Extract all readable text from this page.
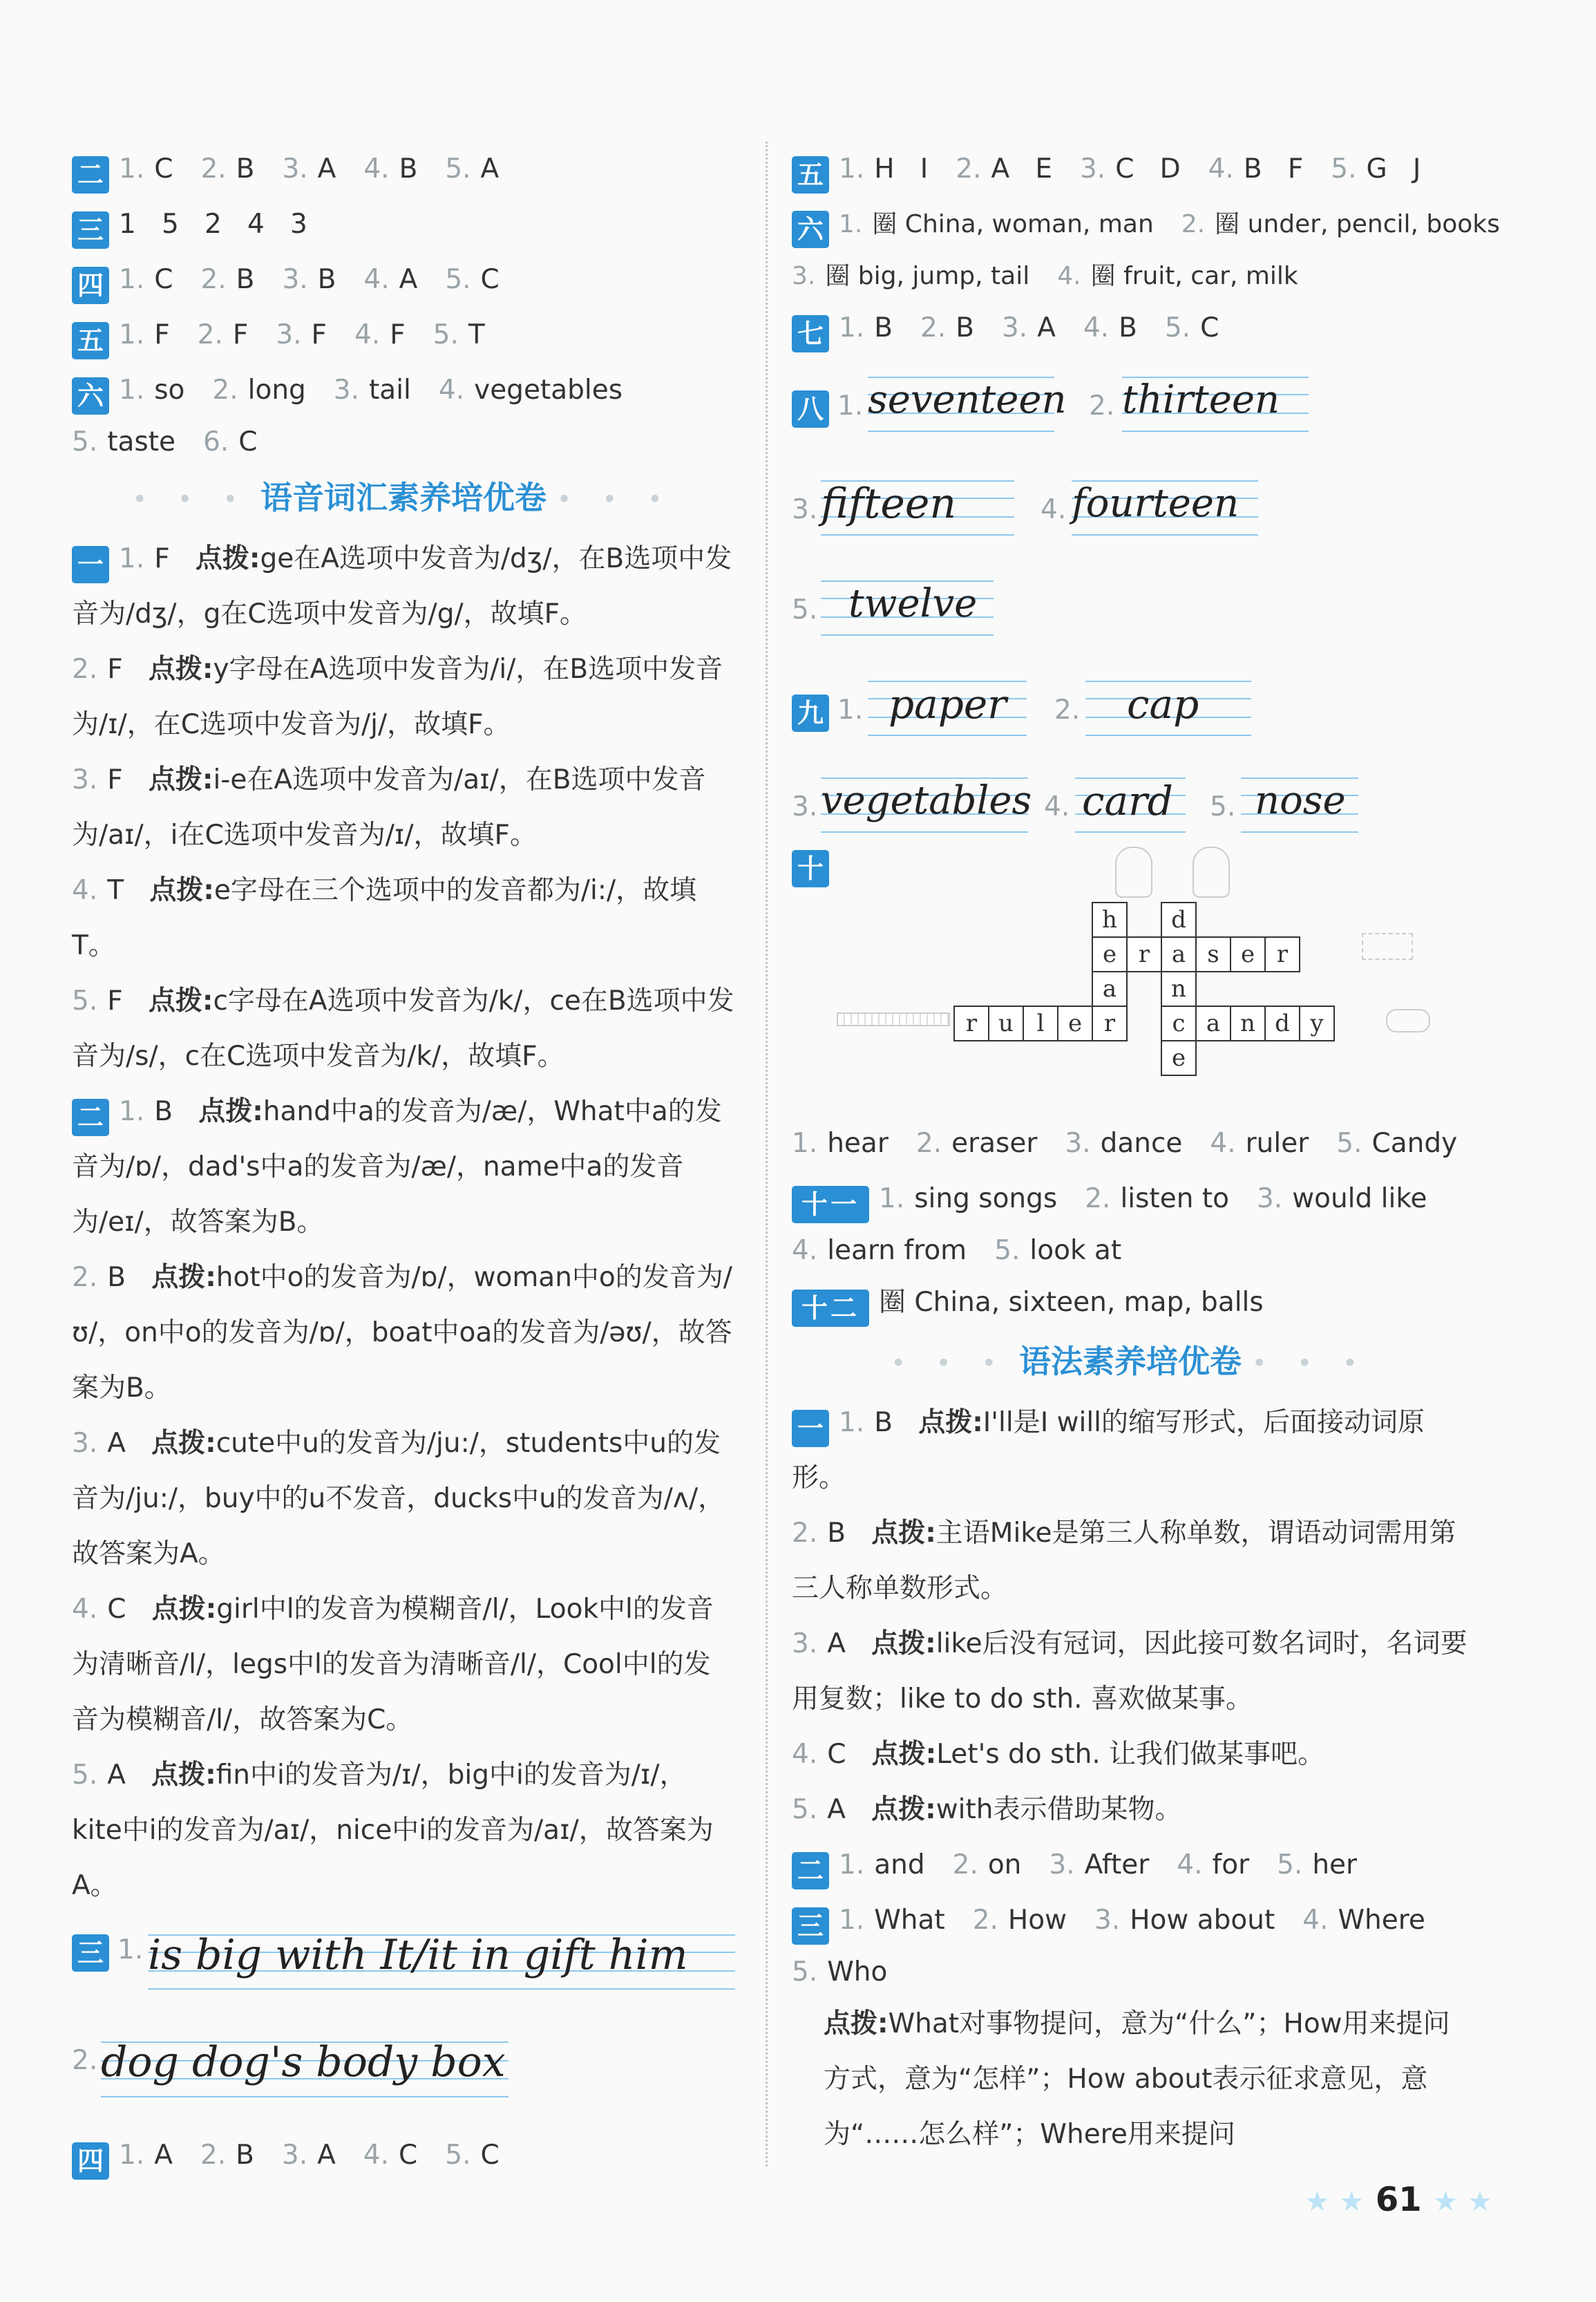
二 1. C 2. B 3. A 4. B 5. A
三 1   5   2   4   3
四 1. C 2. B 3. B 4. A 5. C
五 1. F 2. F 3. F 4. F 5. T
六 1. so 2. long 3. tail 4. vegetables
5. taste 6. C
• • • 语音词汇素养培优卷 • • •
一 1. F 点拨:ge在A选项中发音为/dʒ/，在B选项中发音为/dʒ/，g在C选项中发音为/g/，故填F。
2. F 点拨:y字母在A选项中发音为/i/，在B选项中发音为/ɪ/，在C选项中发音为/j/，故填F。
3. F 点拨:i-e在A选项中发音为/aɪ/，在B选项中发音为/aɪ/，i在C选项中发音为/ɪ/，故填F。
4. T 点拨:e字母在三个选项中的发音都为/i:/，故填T。
5. F 点拨:c字母在A选项中发音为/k/，ce在B选项中发音为/s/，c在C选项中发音为/k/，故填F。
二 1. B 点拨:hand中a的发音为/æ/，What中a的发音为/ɒ/，dad's中a的发音为/æ/，name中a的发音为/eɪ/，故答案为B。
2. B 点拨:hot中o的发音为/ɒ/，woman中o的发音为/ʊ/，on中o的发音为/ɒ/，boat中oa的发音为/əʊ/，故答案为B。
3. A 点拨:cute中u的发音为/ju:/，students中u的发音为/ju:/，buy中的u不发音，ducks中u的发音为/ʌ/，故答案为A。
4. C 点拨:girl中l的发音为模糊音/l/，Look中l的发音为清晰音/l/，legs中l的发音为清晰音/l/，Cool中l的发音为模糊音/l/，故答案为C。
5. A 点拨:fin中i的发音为/ɪ/，big中i的发音为/ɪ/，kite中i的发音为/aɪ/，nice中i的发音为/aɪ/，故答案为A。
三 1. is big with It/it in gift him
2. dog dog's body box
四 1. A 2. B 3. A 4. C 5. C
五 1. H   I 2. A   E 3. C   D 4. B   F 5. G   J
六 1. 圈 China, woman, man 2. 圈 under, pencil, books
3. 圈 big, jump, tail 4. 圈 fruit, car, milk
七 1. B 2. B 3. A 4. B 5. C
八 1. seventeen 2. thirteen
3. fifteen	4. fourteen
5. twelve
九 1. paper 2. cap
3. vegetables 4. card 5. nose
十
r u l	e r
h
e
a
r a s e r
d
n
c
e
a n d y
1. hear 2. eraser 3. dance 4. ruler 5. Candy
十一 1. sing songs 2. listen to 3. would like
4. learn from 5. look at
十二 圈 China, sixteen, map, balls
• • • 语法素养培优卷 • • •
一 1. B 点拨:I'll是I will的缩写形式，后面接动词原形。
2. B 点拨:主语Mike是第三人称单数，谓语动词需用第三人称单数形式。
3. A 点拨:like后没有冠词，因此接可数名词时，名词要用复数；like to do sth. 喜欢做某事。
4. C 点拨:Let's do sth. 让我们做某事吧。
5. A 点拨:with表示借助某物。
二 1. and 2. on 3. After 4. for 5. her
三 1. What 2. How 3. How about 4. Where
5. Who
点拨:What对事物提问，意为“什么”；How用来提问方式，意为“怎样”；How about表示征求意见，意为“……怎么样”；Where用来提问
★ ★ 61 ★ ★
